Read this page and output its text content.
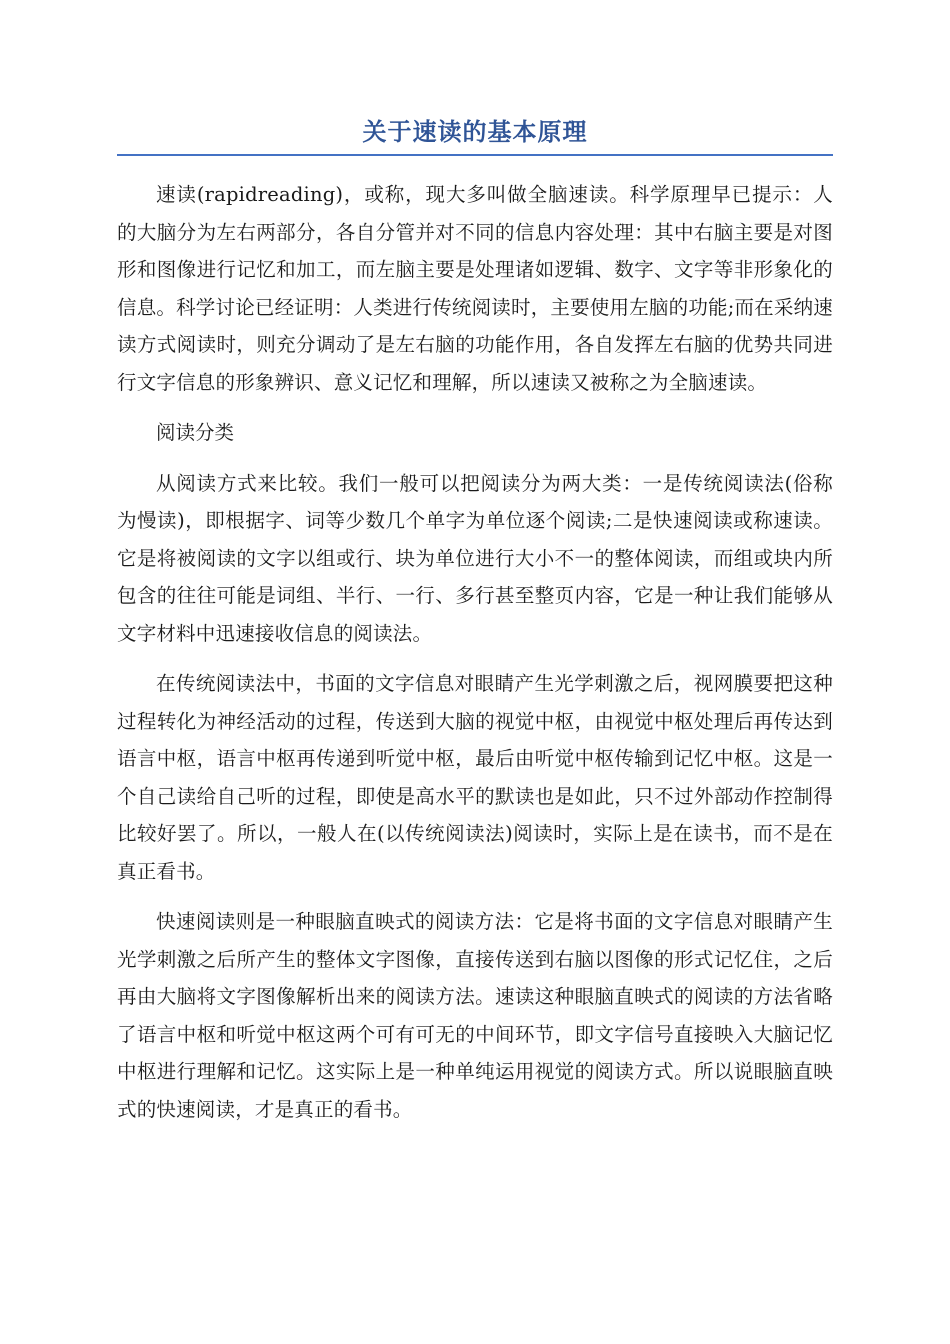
关于速读的基本原理

速读(rapidreading)，或称，现大多叫做全脑速读。科学原理早已提示：人的大脑分为左右两部分，各自分管并对不同的信息内容处理：其中右脑主要是对图形和图像进行记忆和加工，而左脑主要是处理诸如逻辑、数字、文字等非形象化的信息。科学讨论已经证明：人类进行传统阅读时，主要使用左脑的功能;而在采纳速读方式阅读时，则充分调动了是左右脑的功能作用，各自发挥左右脑的优势共同进行文字信息的形象辨识、意义记忆和理解，所以速读又被称之为全脑速读。

阅读分类

从阅读方式来比较。我们一般可以把阅读分为两大类：一是传统阅读法(俗称为慢读)，即根据字、词等少数几个单字为单位逐个阅读;二是快速阅读或称速读。它是将被阅读的文字以组或行、块为单位进行大小不一的整体阅读，而组或块内所包含的往往可能是词组、半行、一行、多行甚至整页内容，它是一种让我们能够从文字材料中迅速接收信息的阅读法。

在传统阅读法中，书面的文字信息对眼睛产生光学刺激之后，视网膜要把这种过程转化为神经活动的过程，传送到大脑的视觉中枢，由视觉中枢处理后再传达到语言中枢，语言中枢再传递到听觉中枢，最后由听觉中枢传输到记忆中枢。这是一个自己读给自己听的过程，即使是高水平的默读也是如此，只不过外部动作控制得比较好罢了。所以，一般人在(以传统阅读法)阅读时，实际上是在读书，而不是在真正看书。

快速阅读则是一种眼脑直映式的阅读方法：它是将书面的文字信息对眼睛产生光学刺激之后所产生的整体文字图像，直接传送到右脑以图像的形式记忆住，之后再由大脑将文字图像解析出来的阅读方法。速读这种眼脑直映式的阅读的方法省略了语言中枢和听觉中枢这两个可有可无的中间环节，即文字信号直接映入大脑记忆中枢进行理解和记忆。这实际上是一种单纯运用视觉的阅读方式。所以说眼脑直映式的快速阅读，才是真正的看书。
